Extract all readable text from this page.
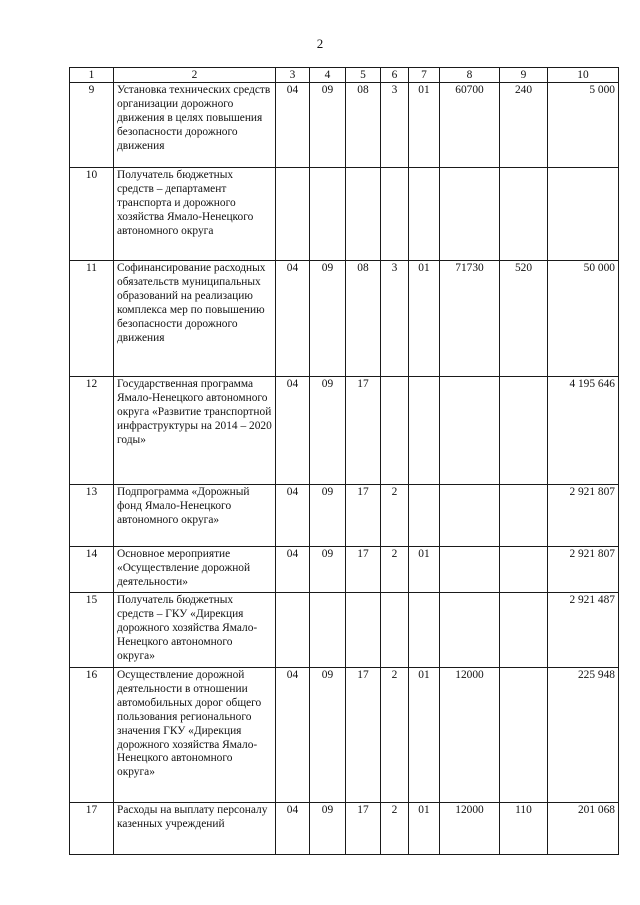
2
1	2	3	4	5	6	7	8	9	10
9	Установка технических средств организации дорожного движения в целях повышения безопасности дорожного движения	04	09	08	3	01	60700	240	5 000
10	Получатель бюджетных средств – департамент транспорта и дорожного хозяйства Ямало-Ненецкого автономного округа								
11	Софинансирование расходных обязательств муниципальных образований на реализацию комплекса мер по повышению безопасности дорожного движения	04	09	08	3	01	71730	520	50 000
12	Государственная программа Ямало-Ненецкого автономного округа «Развитие транспортной инфраструктуры на 2014 – 2020 годы»	04	09	17					4 195 646
13	Подпрограмма «Дорожный фонд Ямало-Ненецкого автономного округа»	04	09	17	2				2 921 807
14	Основное мероприятие «Осуществление дорожной деятельности»	04	09	17	2	01			2 921 807
15	Получатель бюджетных средств – ГКУ «Дирекция дорожного хозяйства Ямало-Ненецкого автономного округа»								2 921 487
16	Осуществление дорожной деятельности в отношении автомобильных дорог общего пользования регионального значения ГКУ «Дирекция дорожного хозяйства Ямало-Ненецкого автономного округа»	04	09	17	2	01	12000		225 948
17	Расходы на выплату персоналу казенных учреждений	04	09	17	2	01	12000	110	201 068
